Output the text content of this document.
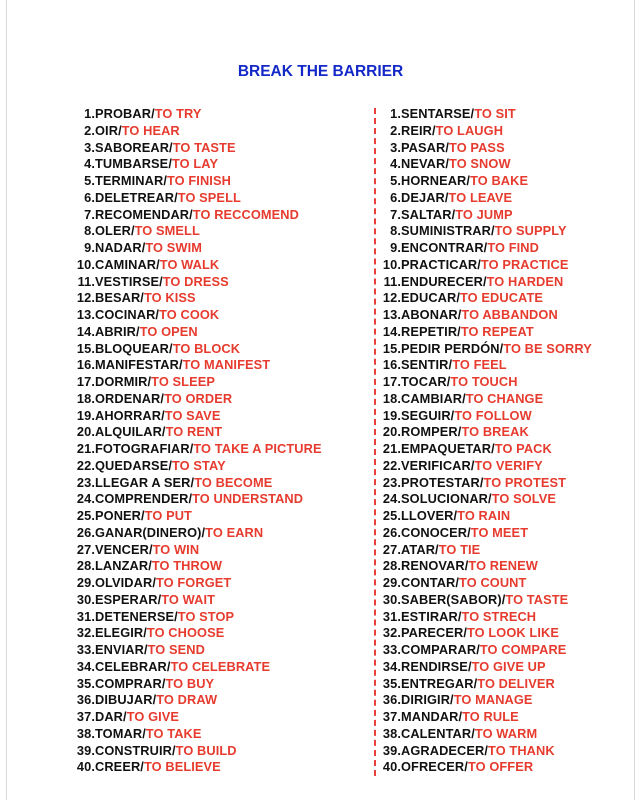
BREAK THE BARRIER
1.PROBAR/TO TRY
2.OIR/TO HEAR
3.SABOREAR/TO TASTE
4.TUMBARSE/TO LAY
5.TERMINAR/TO FINISH
6.DELETREAR/TO SPELL
7.RECOMENDAR/TO RECCOMEND
8.OLER/TO SMELL
9.NADAR/TO SWIM
10.CAMINAR/TO WALK
11.VESTIRSE/TO DRESS
12.BESAR/TO KISS
13.COCINAR/TO COOK
14.ABRIR/TO OPEN
15.BLOQUEAR/TO BLOCK
16.MANIFESTAR/TO MANIFEST
17.DORMIR/TO SLEEP
18.ORDENAR/TO ORDER
19.AHORRAR/TO SAVE
20.ALQUILAR/TO RENT
21.FOTOGRAFIAR/TO TAKE A PICTURE
22.QUEDARSE/TO STAY
23.LLEGAR A SER/TO BECOME
24.COMPRENDER/TO UNDERSTAND
25.PONER/TO PUT
26.GANAR(DINERO)/TO EARN
27.VENCER/TO WIN
28.LANZAR/TO THROW
29.OLVIDAR/TO FORGET
30.ESPERAR/TO WAIT
31.DETENERSE/TO STOP
32.ELEGIR/TO CHOOSE
33.ENVIAR/TO SEND
34.CELEBRAR/TO CELEBRATE
35.COMPRAR/TO BUY
36.DIBUJAR/TO DRAW
37.DAR/TO GIVE
38.TOMAR/TO TAKE
39.CONSTRUIR/TO BUILD
40.CREER/TO BELIEVE
1.SENTARSE/TO SIT
2.REIR/TO LAUGH
3.PASAR/TO PASS
4.NEVAR/TO SNOW
5.HORNEAR/TO BAKE
6.DEJAR/TO LEAVE
7.SALTAR/TO JUMP
8.SUMINISTRAR/TO SUPPLY
9.ENCONTRAR/TO FIND
10.PRACTICAR/TO PRACTICE
11.ENDURECER/TO HARDEN
12.EDUCAR/TO EDUCATE
13.ABONAR/TO ABBANDON
14.REPETIR/TO REPEAT
15.PEDIR PERDÓN/TO BE SORRY
16.SENTIR/TO FEEL
17.TOCAR/TO TOUCH
18.CAMBIAR/TO CHANGE
19.SEGUIR/TO FOLLOW
20.ROMPER/TO BREAK
21.EMPAQUETAR/TO PACK
22.VERIFICAR/TO VERIFY
23.PROTESTAR/TO PROTEST
24.SOLUCIONAR/TO SOLVE
25.LLOVER/TO RAIN
26.CONOCER/TO MEET
27.ATAR/TO TIE
28.RENOVAR/TO RENEW
29.CONTAR/TO COUNT
30.SABER(SABOR)/TO TASTE
31.ESTIRAR/TO STRECH
32.PARECER/TO LOOK LIKE
33.COMPARAR/TO COMPARE
34.RENDIRSE/TO GIVE UP
35.ENTREGAR/TO DELIVER
36.DIRIGIR/TO MANAGE
37.MANDAR/TO RULE
38.CALENTAR/TO WARM
39.AGRADECER/TO THANK
40.OFRECER/TO OFFER
